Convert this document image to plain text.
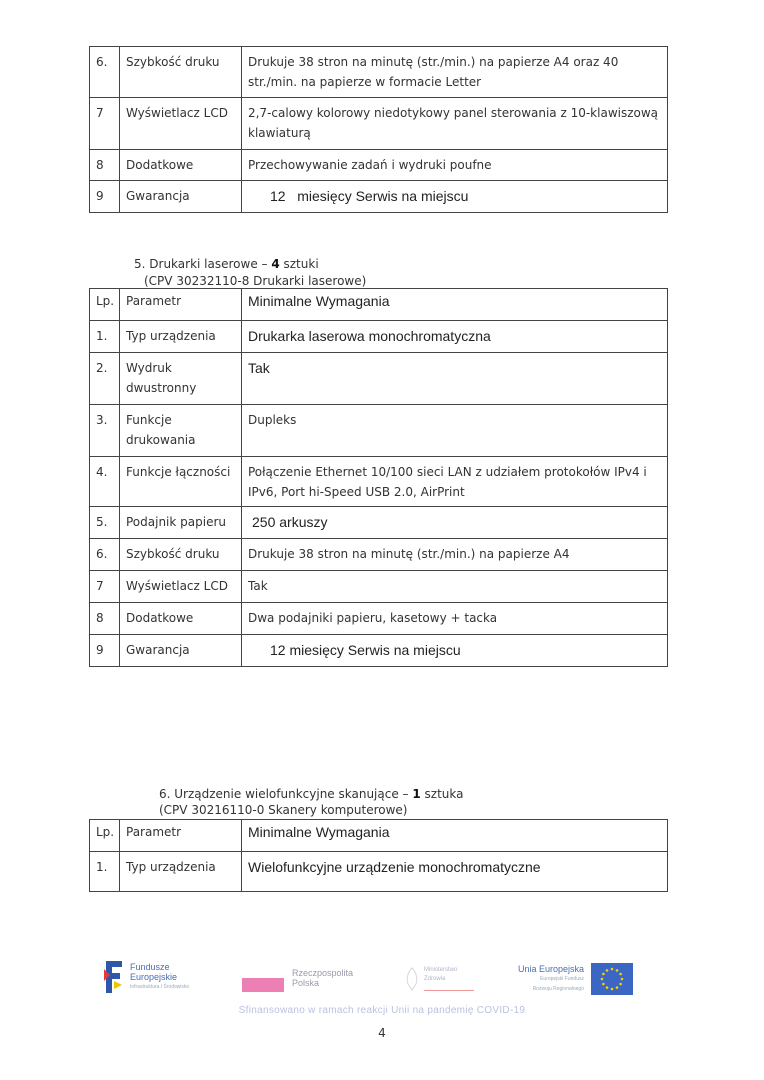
6.	Szybkość druku	Drukuje 38 stron na minutę (str./min.) na papierze A4 oraz 40 str./min. na papierze w formacie Letter
7	Wyświetlacz LCD	2,7-calowy kolorowy niedotykowy panel sterowania z 10-klawiszową klawiaturą
8	Dodatkowe	Przechowywanie zadań i wydruki poufne
9	Gwarancja	12   miesięcy Serwis na miejscu
5. Drukarki laserowe – 4 sztuki
(CPV 30232110-8 Drukarki laserowe)
Lp.	Parametr	Minimalne Wymagania
1.	Typ urządzenia	Drukarka laserowa monochromatyczna
2.	Wydruk dwustronny	Tak
3.	Funkcje drukowania	Dupleks
4.	Funkcje łączności	Połączenie Ethernet 10/100 sieci LAN z udziałem protokołów IPv4 i IPv6, Port hi-Speed USB 2.0, AirPrint
5.	Podajnik papieru	250 arkuszy
6.	Szybkość druku	Drukuje 38 stron na minutę (str./min.) na papierze A4
7	Wyświetlacz LCD	Tak
8	Dodatkowe	Dwa podajniki papieru, kasetowy + tacka
9	Gwarancja	12 miesięcy Serwis na miejscu
6. Urządzenie wielofunkcyjne skanujące – 1 sztuka
(CPV 30216110-0 Skanery komputerowe)
Lp.	Parametr	Minimalne Wymagania
1.	Typ urządzenia	Wielofunkcyjne urządzenie monochromatyczne
Fundusze
Europejskie
Infrastruktura i Środowisko
Rzeczpospolita
Polska
Ministerstwo
Zdrowia
Unia Europejska
Europejski Fundusz
Rozwoju Regionalnego
Sfinansowano w ramach reakcji Unii na pandemię COVID-19
4
